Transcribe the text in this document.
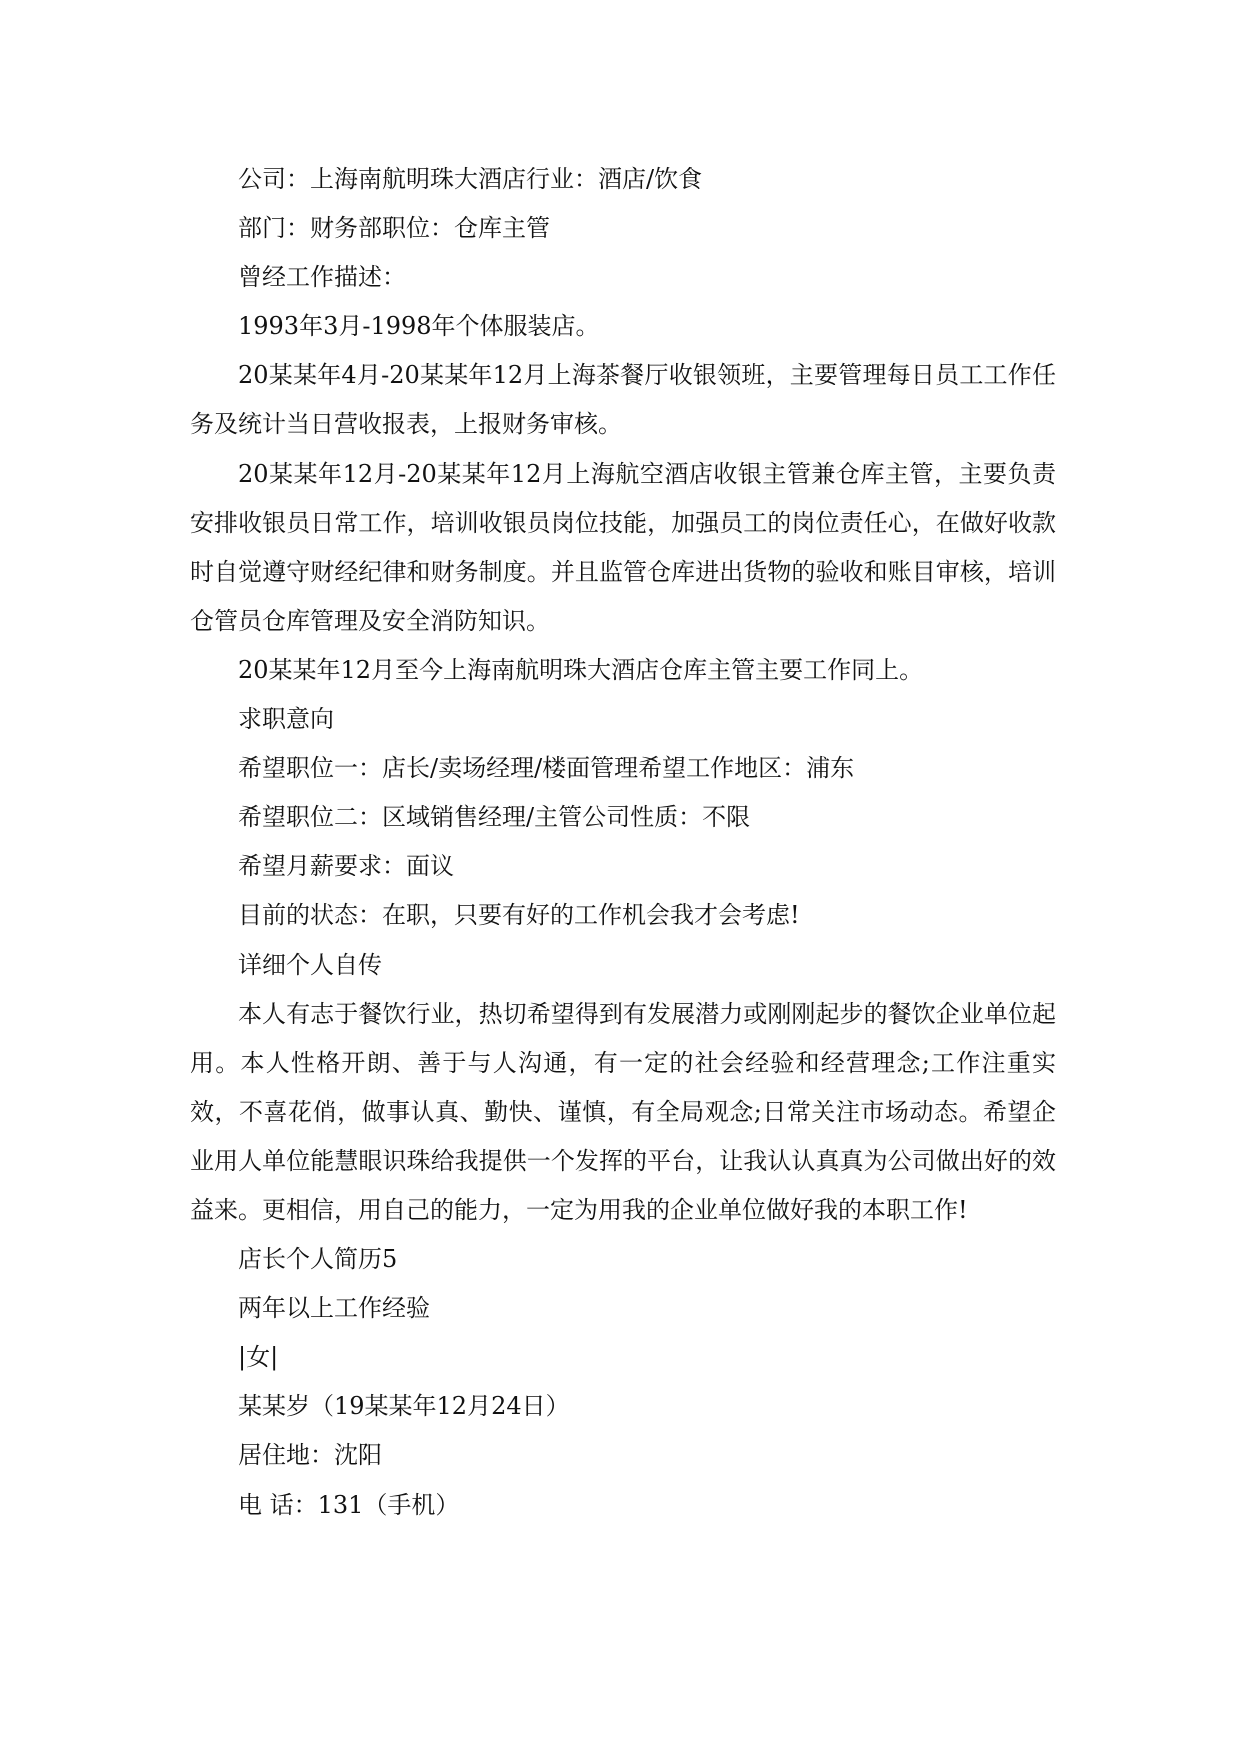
公司：上海南航明珠大酒店行业：酒店/饮食

部门：财务部职位：仓库主管

曾经工作描述：

1993年3月-1998年个体服装店。

20某某年4月-20某某年12月上海茶餐厅收银领班，主要管理每日员工工作任务及统计当日营收报表，上报财务审核。

20某某年12月-20某某年12月上海航空酒店收银主管兼仓库主管，主要负责安排收银员日常工作，培训收银员岗位技能，加强员工的岗位责任心，在做好收款时自觉遵守财经纪律和财务制度。并且监管仓库进出货物的验收和账目审核，培训仓管员仓库管理及安全消防知识。

20某某年12月至今上海南航明珠大酒店仓库主管主要工作同上。

求职意向

希望职位一：店长/卖场经理/楼面管理希望工作地区：浦东

希望职位二：区域销售经理/主管公司性质：不限

希望月薪要求：面议

目前的状态：在职，只要有好的工作机会我才会考虑!

详细个人自传

本人有志于餐饮行业，热切希望得到有发展潜力或刚刚起步的餐饮企业单位起用。本人性格开朗、善于与人沟通，有一定的社会经验和经营理念;工作注重实效，不喜花俏，做事认真、勤快、谨慎，有全局观念;日常关注市场动态。希望企业用人单位能慧眼识珠给我提供一个发挥的平台，让我认认真真为公司做出好的效益来。更相信，用自己的能力，一定为用我的企业单位做好我的本职工作!

店长个人简历5

两年以上工作经验

|女|

某某岁（19某某年12月24日）

居住地：沈阳

电 话：131（手机）
